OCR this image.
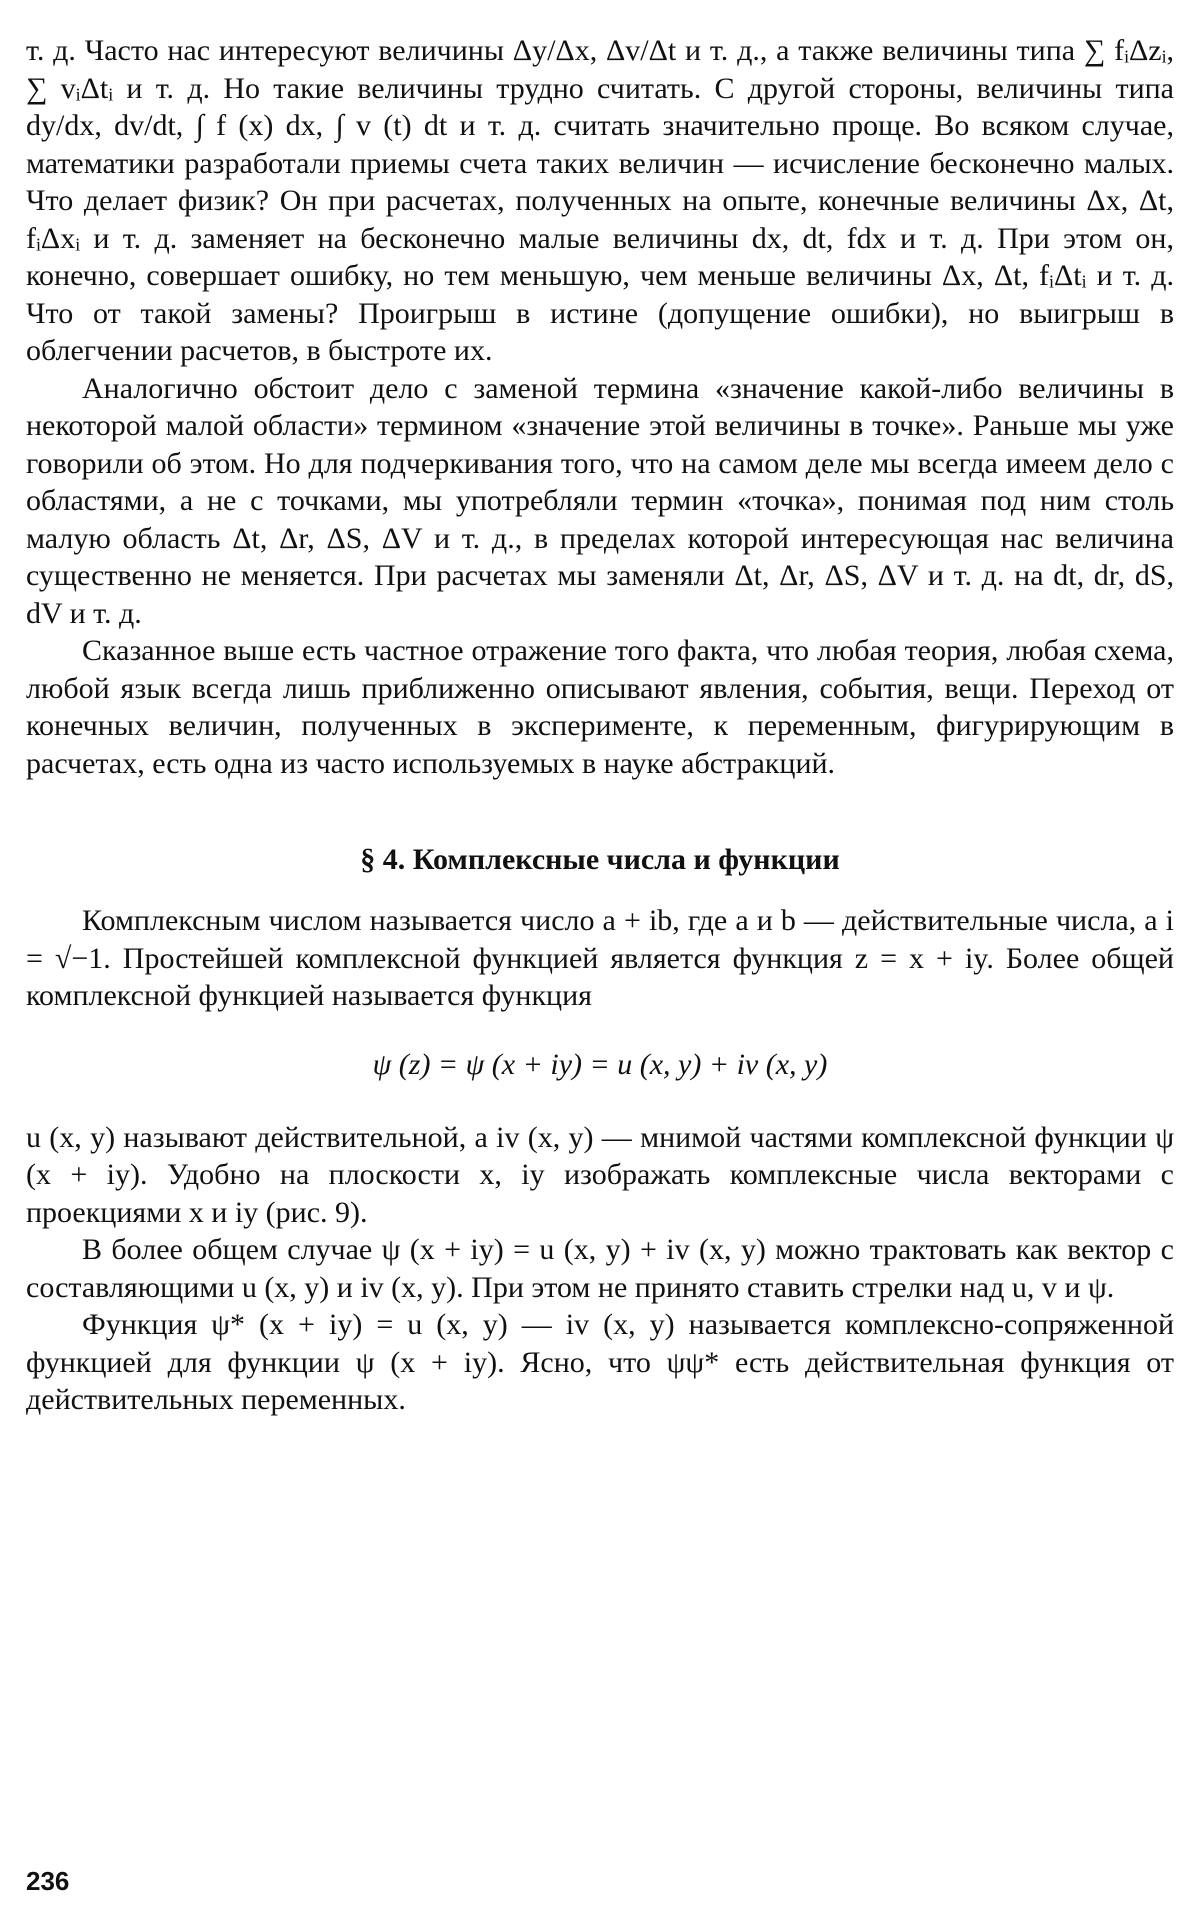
т. д. Часто нас интересуют величины Δy/Δx, Δv/Δt и т. д., а также величины типа ∑ fᵢΔzᵢ, ∑ vᵢΔtᵢ и т. д. Но такие величины трудно считать. С другой стороны, величины типа dy/dx, dv/dt, ∫ f (x) dx, ∫ v (t) dt и т. д. считать значительно проще. Во всяком случае, математики разработали приемы счета таких величин — исчисление бесконечно малых. Что делает физик? Он при расчетах, полученных на опыте, конечные величины Δx, Δt, fᵢΔxᵢ и т. д. заменяет на бесконечно малые величины dx, dt, fdx и т. д. При этом он, конечно, совершает ошибку, но тем меньшую, чем меньше величины Δx, Δt, fᵢΔtᵢ и т. д. Что от такой замены? Проигрыш в истине (допущение ошибки), но выигрыш в облегчении расчетов, в быстроте их.

Аналогично обстоит дело с заменой термина «значение какой-либо величины в некоторой малой области» термином «значение этой величины в точке». Раньше мы уже говорили об этом. Но для подчеркивания того, что на самом деле мы всегда имеем дело с областями, а не с точками, мы употребляли термин «точка», понимая под ним столь малую область Δt, Δr, ΔS, ΔV и т. д., в пределах которой интересующая нас величина существенно не меняется. При расчетах мы заменяли Δt, Δr, ΔS, ΔV и т. д. на dt, dr, dS, dV и т. д.

Сказанное выше есть частное отражение того факта, что любая теория, любая схема, любой язык всегда лишь приближенно описывают явления, события, вещи. Переход от конечных величин, полученных в эксперименте, к переменным, фигурирующим в расчетах, есть одна из часто используемых в науке абстракций.

§ 4. Комплексные числа и функции

Комплексным числом называется число a + ib, где a и b — действительные числа, a i = √−1. Простейшей комплексной функцией является функция z = x + iy. Более общей комплексной функцией называется функция

ψ (z) = ψ (x + iy) = u (x, y) + iv (x, y)

u (x, y) называют действительной, а iv (x, y) — мнимой частями комплексной функции ψ (x + iy). Удобно на плоскости x, iy изображать комплексные числа векторами с проекциями x и iy (рис. 9).

В более общем случае ψ (x + iy) = u (x, y) + iv (x, y) можно трактовать как вектор с составляющими u (x, y) и iv (x, y). При этом не принято ставить стрелки над u, v и ψ.

Функция ψ* (x + iy) = u (x, y) — iv (x, y) называется комплексно-сопряженной функцией для функции ψ (x + iy). Ясно, что ψψ* есть действительная функция от действительных переменных.

236
